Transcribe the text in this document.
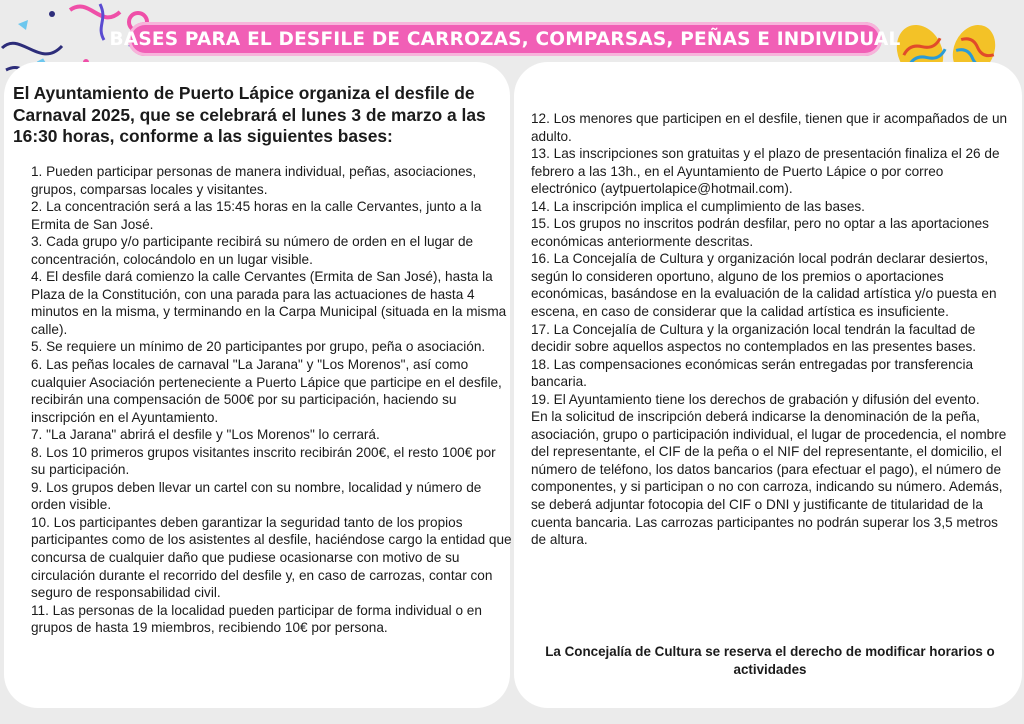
BASES PARA EL DESFILE DE CARROZAS, COMPARSAS, PEÑAS E INDIVIDUAL
El Ayuntamiento de Puerto Lápice organiza el desfile de Carnaval 2025, que se celebrará el lunes 3 de marzo a las 16:30 horas, conforme a las siguientes bases:
1. Pueden participar personas de manera individual, peñas, asociaciones, grupos, comparsas locales y visitantes.
2. La concentración será a las 15:45 horas en la calle Cervantes, junto a la Ermita de San José.
3. Cada grupo y/o participante recibirá su número de orden en el lugar de concentración, colocándolo en un lugar visible.
4. El desfile dará comienzo la calle Cervantes (Ermita de San José), hasta la Plaza de la Constitución, con una parada para las actuaciones de hasta 4 minutos en la misma, y terminando en la Carpa Municipal (situada en la misma calle).
5. Se requiere un mínimo de 20 participantes por grupo, peña o asociación.
6. Las peñas locales de carnaval "La Jarana" y "Los Morenos", así como cualquier Asociación perteneciente a Puerto Lápice que participe en el desfile, recibirán una compensación de 500€ por su participación, haciendo su inscripción en el Ayuntamiento.
7. "La Jarana" abrirá el desfile y "Los Morenos" lo cerrará.
8. Los 10 primeros grupos visitantes inscrito recibirán 200€, el resto 100€ por su participación.
9. Los grupos deben llevar un cartel con su nombre, localidad y número de orden visible.
10. Los participantes deben garantizar la seguridad tanto de los propios participantes como de los asistentes al desfile, haciéndose cargo la entidad que concursa de cualquier daño que pudiese ocasionarse con motivo de su circulación durante el recorrido del desfile y, en caso de carrozas, contar con seguro de responsabilidad civil.
11. Las personas de la localidad pueden participar de forma individual o en grupos de hasta 19 miembros, recibiendo 10€ por persona.
12. Los menores que participen en el desfile, tienen que ir acompañados de un adulto.
13. Las inscripciones son gratuitas y el plazo de presentación finaliza el 26 de febrero a las 13h., en el Ayuntamiento de Puerto Lápice o por correo electrónico (aytpuertolapice@hotmail.com).
14. La inscripción implica el cumplimiento de las bases.
15. Los grupos no inscritos podrán desfilar, pero no optar a las aportaciones económicas anteriormente descritas.
16. La Concejalía de Cultura y organización local podrán declarar desiertos, según lo consideren oportuno, alguno de los premios o aportaciones económicas, basándose en la evaluación de la calidad artística y/o puesta en escena, en caso de considerar que la calidad artística es insuficiente.
17. La Concejalía de Cultura y la organización local tendrán la facultad de decidir sobre aquellos aspectos no contemplados en las presentes bases.
18. Las compensaciones económicas serán entregadas por transferencia bancaria.
19. El Ayuntamiento tiene los derechos de grabación y difusión del evento.
En la solicitud de inscripción deberá indicarse la denominación de la peña, asociación, grupo o participación individual, el lugar de procedencia, el nombre del representante, el CIF de la peña o el NIF del representante, el domicilio, el número de teléfono, los datos bancarios (para efectuar el pago), el número de componentes, y si participan o no con carroza, indicando su número. Además, se deberá adjuntar fotocopia del CIF o DNI y justificante de titularidad de la cuenta bancaria. Las carrozas participantes no podrán superar los 3,5 metros de altura.
La Concejalía de Cultura se reserva el derecho de modificar horarios o actividades
